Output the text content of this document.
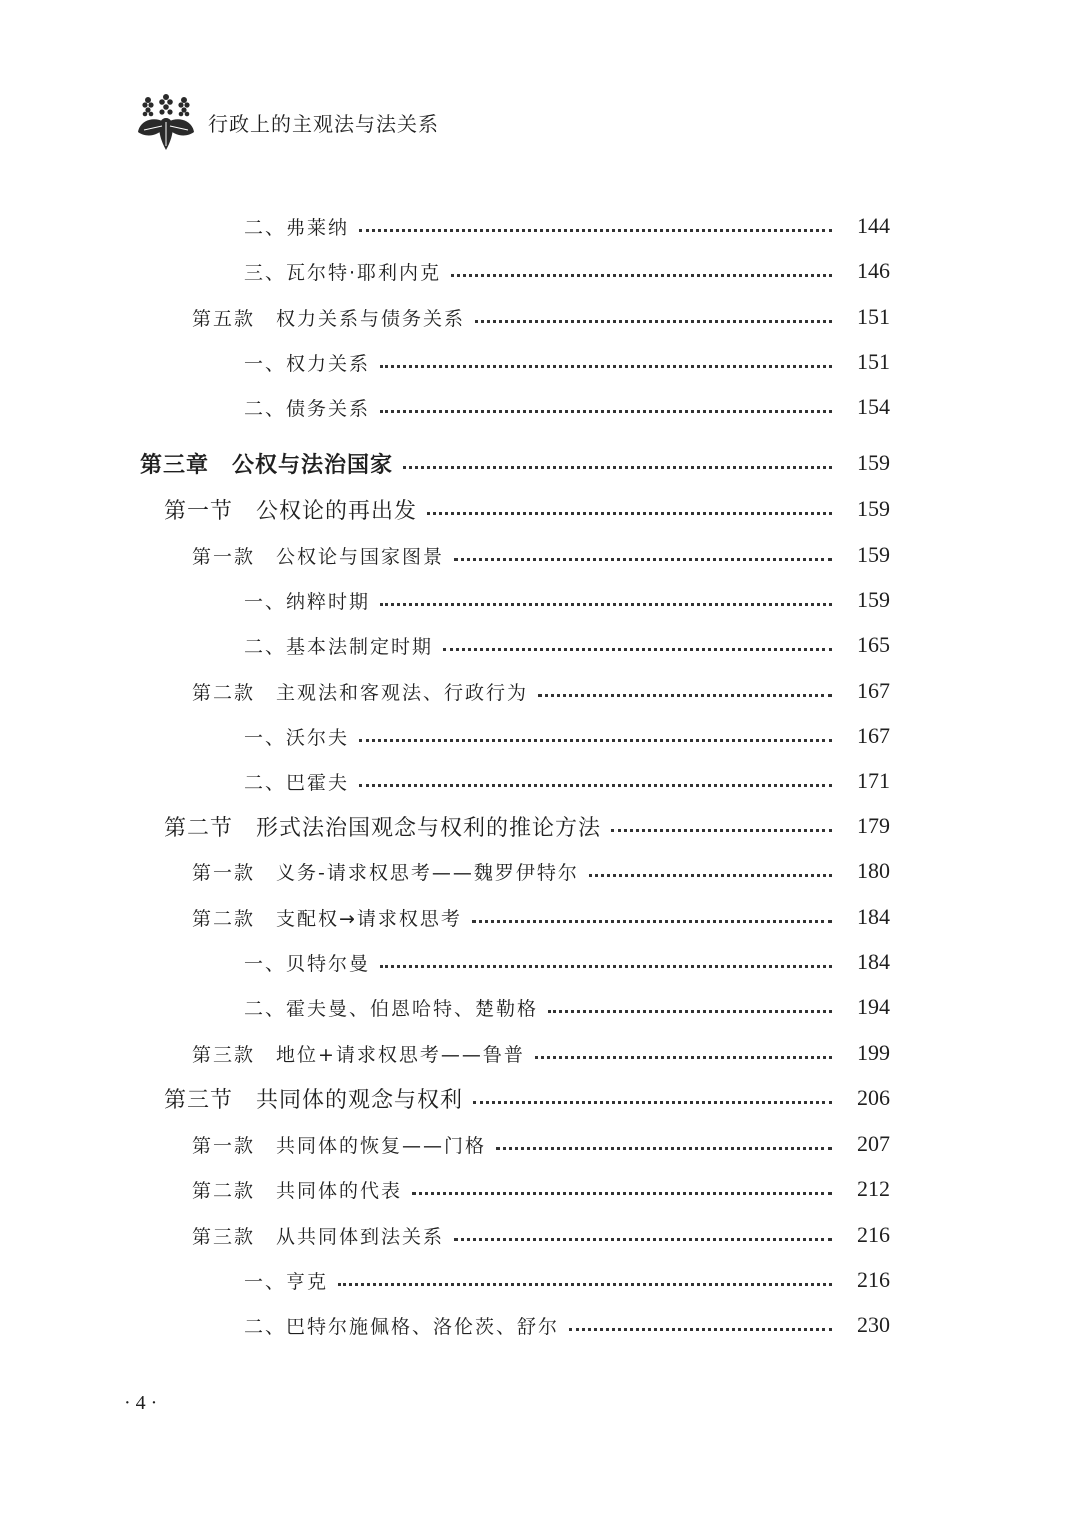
行政上的主观法与法关系
二、弗莱纳	144
三、瓦尔特·耶利内克	146
第五款　权力关系与债务关系	151
一、权力关系	151
二、债务关系	154
第三章　公权与法治国家	159
第一节　公权论的再出发	159
第一款　公权论与国家图景	159
一、纳粹时期	159
二、基本法制定时期	165
第二款　主观法和客观法、行政行为	167
一、沃尔夫	167
二、巴霍夫	171
第二节　形式法治国观念与权利的推论方法	179
第一款　义务-请求权思考——魏罗伊特尔	180
第二款　支配权→请求权思考	184
一、贝特尔曼	184
二、霍夫曼、伯恩哈特、楚勒格	194
第三款　地位+请求权思考——鲁普	199
第三节　共同体的观念与权利	206
第一款　共同体的恢复——门格	207
第二款　共同体的代表	212
第三款　从共同体到法关系	216
一、亨克	216
二、巴特尔施佩格、洛伦茨、舒尔	230
· 4 ·
